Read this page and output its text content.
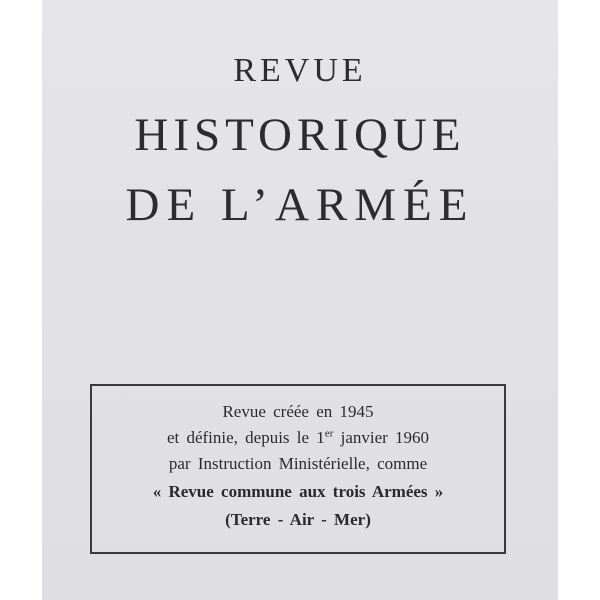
REVUE
HISTORIQUE
DE L’ARMÉE
Revue créée en 1945
et définie, depuis le 1er janvier 1960
par Instruction Ministérielle, comme
« Revue commune aux trois Armées »
(Terre - Air - Mer)
